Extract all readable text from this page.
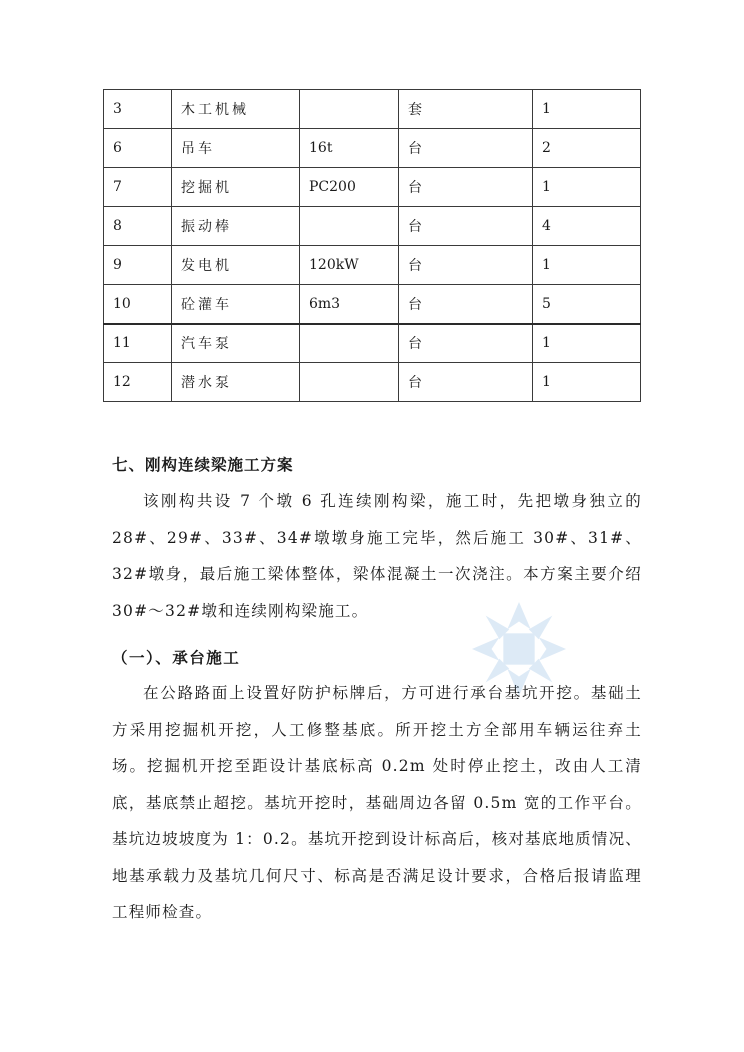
3	木工机械		套	1
6	吊车	16t	台	2
7	挖掘机	PC200	台	1
8	振动棒		台	4
9	发电机	120kW	台	1
10	砼灌车	6m3	台	5
11	汽车泵		台	1
12	潜水泵		台	1
七、刚构连续梁施工方案

该刚构共设 7 个墩 6 孔连续刚构梁，施工时，先把墩身独立的 28#、29#、33#、34#墩墩身施工完毕，然后施工 30#、31#、32#墩身，最后施工梁体整体，梁体混凝土一次浇注。本方案主要介绍 30#～32#墩和连续刚构梁施工。

（一）、承台施工

在公路路面上设置好防护标牌后，方可进行承台基坑开挖。基础土方采用挖掘机开挖，人工修整基底。所开挖土方全部用车辆运往弃土场。挖掘机开挖至距设计基底标高 0.2m 处时停止挖土，改由人工清底，基底禁止超挖。基坑开挖时，基础周边各留 0.5m 宽的工作平台。基坑边坡坡度为 1：0.2。基坑开挖到设计标高后，核对基底地质情况、地基承载力及基坑几何尺寸、标高是否满足设计要求，合格后报请监理工程师检查。
